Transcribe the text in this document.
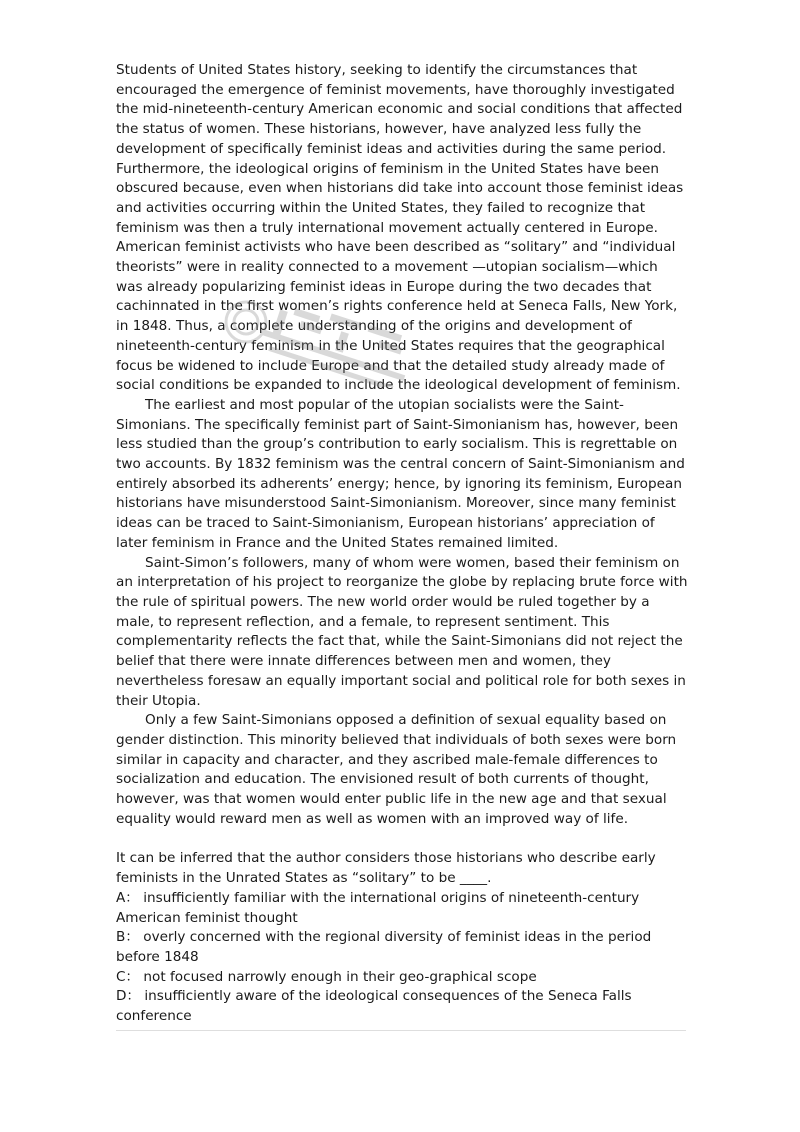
Students of United States history, seeking to identify the circumstances that encouraged the emergence of feminist movements, have thoroughly investigated the mid-nineteenth-century American economic and social conditions that affected the status of women. These historians, however, have analyzed less fully the development of specifically feminist ideas and activities during the same period. Furthermore, the ideological origins of feminism in the United States have been obscured because, even when historians did take into account those feminist ideas and activities occurring within the United States, they failed to recognize that feminism was then a truly international movement actually centered in Europe. American feminist activists who have been described as “solitary” and “individual theorists” were in reality connected to a movement —utopian socialism—which was already popularizing feminist ideas in Europe during the two decades that cachinnated in the first women’s rights conference held at Seneca Falls, New York, in 1848. Thus, a complete understanding of the origins and development of nineteenth-century feminism in the United States requires that the geographical focus be widened to include Europe and that the detailed study already made of social conditions be expanded to include the ideological development of feminism.

The earliest and most popular of the utopian socialists were the Saint-Simonians. The specifically feminist part of Saint-Simonianism has, however, been less studied than the group’s contribution to early socialism. This is regrettable on two accounts. By 1832 feminism was the central concern of Saint-Simonianism and entirely absorbed its adherents’ energy; hence, by ignoring its feminism, European historians have misunderstood Saint-Simonianism. Moreover, since many feminist ideas can be traced to Saint-Simonianism, European historians’ appreciation of later feminism in France and the United States remained limited.

Saint-Simon’s followers, many of whom were women, based their feminism on an interpretation of his project to reorganize the globe by replacing brute force with the rule of spiritual powers. The new world order would be ruled together by a male, to represent reflection, and a female, to represent sentiment. This complementarity reflects the fact that, while the Saint-Simonians did not reject the belief that there were innate differences between men and women, they nevertheless foresaw an equally important social and political role for both sexes in their Utopia.

Only a few Saint-Simonians opposed a definition of sexual equality based on gender distinction. This minority believed that individuals of both sexes were born similar in capacity and character, and they ascribed male-female differences to socialization and education. The envisioned result of both currents of thought, however, was that women would enter public life in the new age and that sexual equality would reward men as well as women with an improved way of life.

It can be inferred that the author considers those historians who describe early feminists in the Unrated States as “solitary” to be ____.

A： insufficiently familiar with the international origins of nineteenth-century American feminist thought

B： overly concerned with the regional diversity of feminist ideas in the period before 1848

C： not focused narrowly enough in their geo-graphical scope

D： insufficiently aware of the ideological consequences of the Seneca Falls conference
